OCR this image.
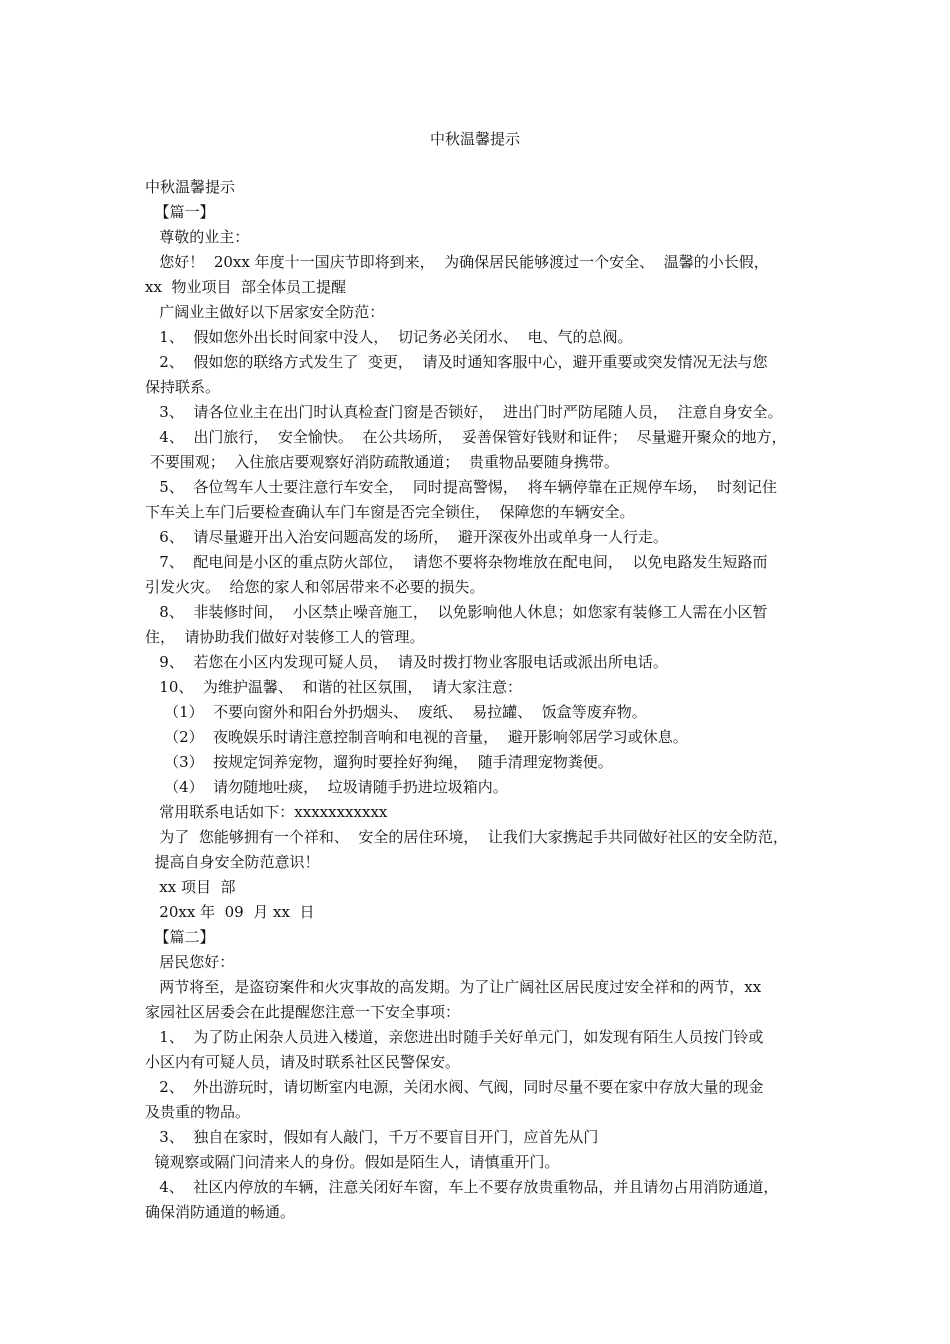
中秋温馨提示
中秋温馨提示
【篇一】
尊敬的业主：
您好！  20xx 年度十一国庆节即将到来，  为确保居民能够渡过一个安全、  温馨的小长假，
xx  物业项目  部全体员工提醒
广阔业主做好以下居家安全防范：
1、  假如您外出长时间家中没人，  切记务必关闭水、  电、气的总阀。
2、  假如您的联络方式发生了  变更，  请及时通知客服中心，避开重要或突发情况无法与您
保持联系。
3、  请各位业主在出门时认真检查门窗是否锁好，  进出门时严防尾随人员，  注意自身安全。
4、  出门旅行，  安全愉快。  在公共场所，  妥善保管好钱财和证件；  尽量避开聚众的地方，
不要围观；  入住旅店要观察好消防疏散通道；  贵重物品要随身携带。
5、  各位驾车人士要注意行车安全，  同时提高警惕，  将车辆停靠在正规停车场，  时刻记住
下车关上车门后要检查确认车门车窗是否完全锁住，  保障您的车辆安全。
6、  请尽量避开出入治安问题高发的场所，  避开深夜外出或单身一人行走。
7、  配电间是小区的重点防火部位，  请您不要将杂物堆放在配电间，  以免电路发生短路而
引发火灾。  给您的家人和邻居带来不必要的损失。
8、  非装修时间，  小区禁止噪音施工，  以免影响他人休息；如您家有装修工人需在小区暂
住，  请协助我们做好对装修工人的管理。
9、  若您在小区内发现可疑人员，  请及时拨打物业客服电话或派出所电话。
10、  为维护温馨、  和谐的社区氛围，  请大家注意：
（1）  不要向窗外和阳台外扔烟头、  废纸、  易拉罐、  饭盒等废弃物。
（2）  夜晚娱乐时请注意控制音响和电视的音量，  避开影响邻居学习或休息。
（3）  按规定饲养宠物，遛狗时要拴好狗绳，  随手清理宠物粪便。
（4）  请勿随地吐痰，  垃圾请随手扔进垃圾箱内。
常用联系电话如下：xxxxxxxxxxx
为了  您能够拥有一个祥和、  安全的居住环境，  让我们大家携起手共同做好社区的安全防范，
提高自身安全防范意识！
xx 项目  部
20xx 年  09  月 xx  日
【篇二】
居民您好：
两节将至，是盗窃案件和火灾事故的高发期。为了让广阔社区居民度过安全祥和的两节，xx
家园社区居委会在此提醒您注意一下安全事项：
1、  为了防止闲杂人员进入楼道，亲您进出时随手关好单元门，如发现有陌生人员按门铃或
小区内有可疑人员，请及时联系社区民警保安。
2、  外出游玩时，请切断室内电源，关闭水阀、气阀，同时尽量不要在家中存放大量的现金
及贵重的物品。
3、  独自在家时，假如有人敲门，千万不要盲目开门，应首先从门
镜观察或隔门问清来人的身份。假如是陌生人，请慎重开门。
4、  社区内停放的车辆，注意关闭好车窗，车上不要存放贵重物品，并且请勿占用消防通道，
确保消防通道的畅通。
